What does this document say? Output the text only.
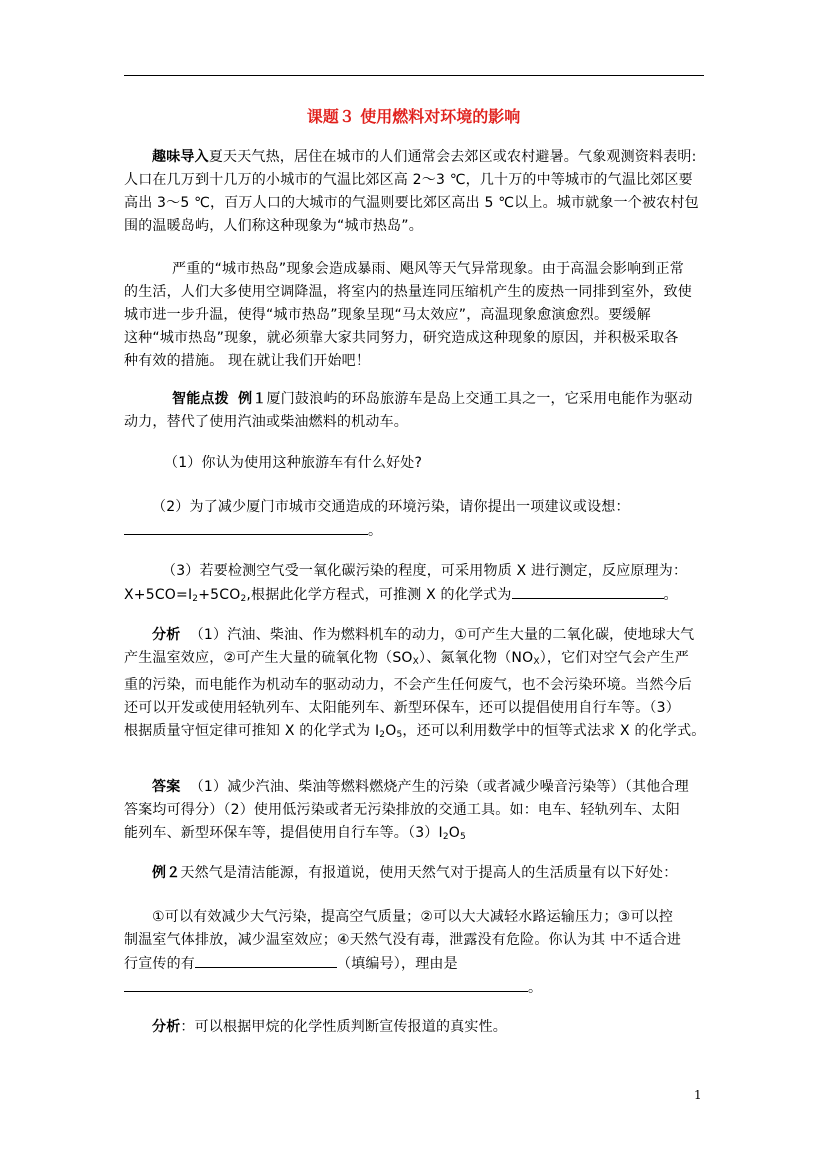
课题３ 使用燃料对环境的影响
趣味导入夏天天气热，居住在城市的人们通常会去郊区或农村避暑。气象观测资料表明:
人口在几万到十几万的小城市的气温比郊区高 2～3 ℃，几十万的中等城市的气温比郊区要
高出 3～5 ℃，百万人口的大城市的气温则要比郊区高出 5 ℃以上。城市就象一个被农村包
围的温暖岛屿，人们称这种现象为“城市热岛”。
严重的“城市热岛”现象会造成暴雨、飓风等天气异常现象。由于高温会影响到正常
的生活，人们大多使用空调降温，将室内的热量连同压缩机产生的废热一同排到室外，致使
城市进一步升温，使得“城市热岛”现象呈现“马太效应”，高温现象愈演愈烈。要缓解
这种“城市热岛”现象，就必须靠大家共同努力，研究造成这种现象的原因，并积极采取各
种有效的措施。 现在就让我们开始吧！
智能点拨 例１厦门鼓浪屿的环岛旅游车是岛上交通工具之一，它采用电能作为驱动
动力，替代了使用汽油或柴油燃料的机动车。
（1）你认为使用这种旅游车有什么好处?
（2）为了减少厦门市城市交通造成的环境污染，请你提出一项建议或设想：
。
（3）若要检测空气受一氧化碳污染的程度，可采用物质 X 进行测定，反应原理为：
$X+5CO=I_2+5CO_2$,根据此化学方程式，可推测 X 的化学式为	。
分析 （1）汽油、柴油、作为燃料机车的动力，①可产生大量的二氧化碳，使地球大气
产生温室效应，②可产生大量的硫氧化物$(SO_X)$、氮氧化物$(NO_X)$，它们对空气会产生严
重的污染，而电能作为机动车的驱动动力，不会产生任何废气，也不会污染环境。当然今后
还可以开发或使用轻轨列车、太阳能列车、新型环保车，还可以提倡使用自行车等。（3）
根据质量守恒定律可推知 X 的化学式为 $I_2O_5$，还可以利用数学中的恒等式法求 X 的化学式。
答案 （1）减少汽油、柴油等燃料燃烧产生的污染（或者减少噪音污染等）（其他合理
答案均可得分）（2）使用低污染或者无污染排放的交通工具。如：电车、轻轨列车、太阳
能列车、新型环保车等，提倡使用自行车等。$(3)I_2O_5$
例２天然气是清洁能源，有报道说，使用天然气对于提高人的生活质量有以下好处：
①可以有效减少大气污染，提高空气质量；②可以大大减轻水路运输压力；③可以控
制温室气体排放，减少温室效应；④天然气没有毒，泄露没有危险。你认为其 中不适合进
行宣传的有	（填编号），理由是
。
分析：可以根据甲烷的化学性质判断宣传报道的真实性。
1
